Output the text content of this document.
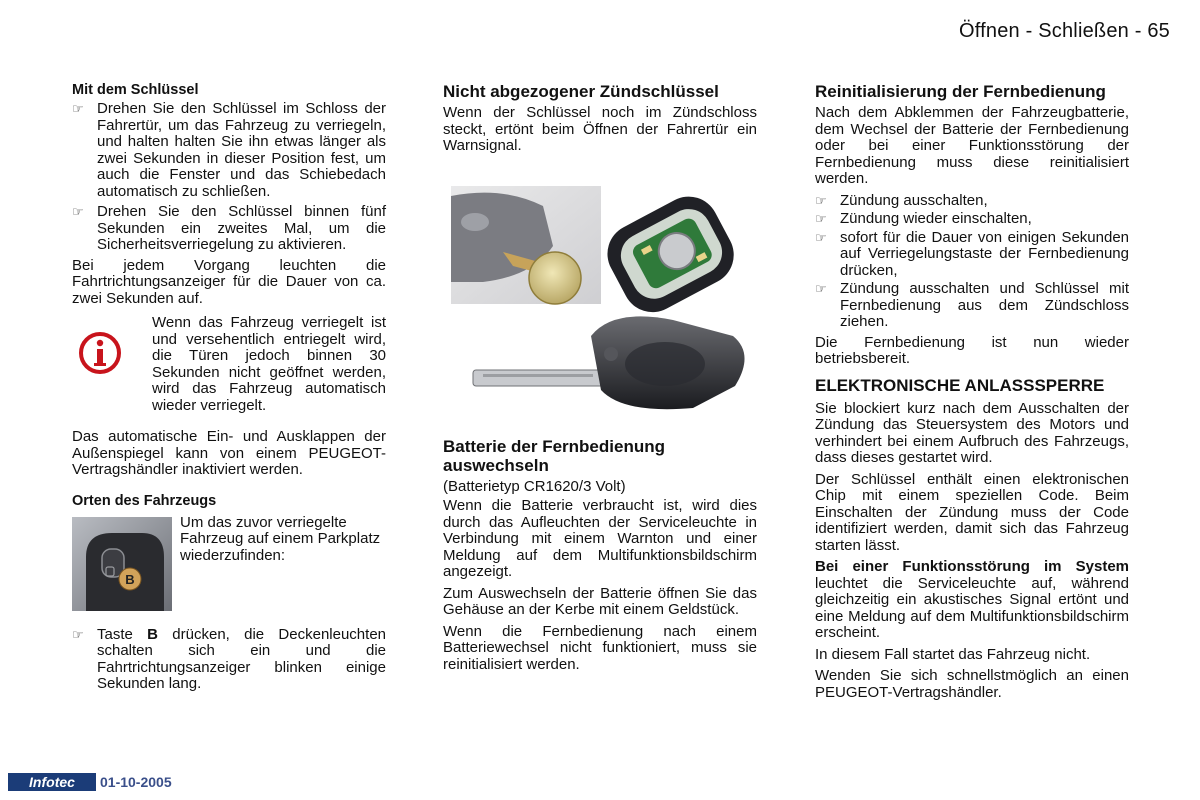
Öffnen - Schließen - 65
Mit dem Schlüssel
☞ Drehen Sie den Schlüssel im Schloss der Fahrertür, um das Fahrzeug zu verriegeln, und halten halten Sie ihn etwas länger als zwei Sekunden in dieser Position fest, um auch die Fenster und das Schiebedach automatisch zu schließen.
☞ Drehen Sie den Schlüssel binnen fünf Sekunden ein zweites Mal, um die Sicherheitsverriegelung zu aktivieren.

Bei jedem Vorgang leuchten die Fahrtrichtungsanzeiger für die Dauer von ca. zwei Sekunden auf.

Wenn das Fahrzeug verriegelt ist und versehentlich entriegelt wird, die Türen jedoch binnen 30 Sekunden nicht geöffnet werden, wird das Fahrzeug automatisch wieder verriegelt.

Das automatische Ein- und Ausklappen der Außenspiegel kann von einem PEUGEOT-Vertragshändler inaktiviert werden.

Orten des Fahrzeugs
B

Um das zuvor verriegelte Fahrzeug auf einem Parkplatz wiederzufinden:

☞ Taste B drücken, die Deckenleuchten schalten sich ein und die Fahrtrichtungsanzeiger blinken einige Sekunden lang.
Nicht abgezogener Zündschlüssel

Wenn der Schlüssel noch im Zündschloss steckt, ertönt beim Öffnen der Fahrertür ein Warnsignal.

Batterie der Fernbedienung auswechseln

(Batterietyp CR1620/3 Volt)

Wenn die Batterie verbraucht ist, wird dies durch das Aufleuchten der Serviceleuchte in Verbindung mit einem Warnton und einer Meldung auf dem Multifunktionsbildschirm angezeigt.

Zum Auswechseln der Batterie öffnen Sie das Gehäuse an der Kerbe mit einem Geldstück.

Wenn die Fernbedienung nach einem Batteriewechsel nicht funktioniert, muss sie reinitialisiert werden.

Reinitialisierung der Fernbedienung

Nach dem Abklemmen der Fahrzeugbatterie, dem Wechsel der Batterie der Fernbedienung oder bei einer Funktionsstörung der Fernbedienung muss diese reinitialisiert werden.

☞ Zündung ausschalten,
☞ Zündung wieder einschalten,
☞ sofort für die Dauer von einigen Sekunden auf Verriegelungstaste der Fernbedienung drücken,
☞ Zündung ausschalten und Schlüssel mit Fernbedienung aus dem Zündschloss ziehen.

Die Fernbedienung ist nun wieder betriebsbereit.

ELEKTRONISCHE ANLASSSPERRE

Sie blockiert kurz nach dem Ausschalten der Zündung das Steuersystem des Motors und verhindert bei einem Aufbruch des Fahrzeugs, dass dieses gestartet wird.

Der Schlüssel enthält einen elektronischen Chip mit einem speziellen Code. Beim Einschalten der Zündung muss der Code identifiziert werden, damit sich das Fahrzeug starten lässt.

Bei einer Funktionsstörung im System leuchtet die Serviceleuchte auf, während gleichzeitig ein akustisches Signal ertönt und eine Meldung auf dem Multifunktionsbildschirm erscheint.

In diesem Fall startet das Fahrzeug nicht.

Wenden Sie sich schnellstmöglich an einen PEUGEOT-Vertragshändler.

Infotec	01-10-2005
